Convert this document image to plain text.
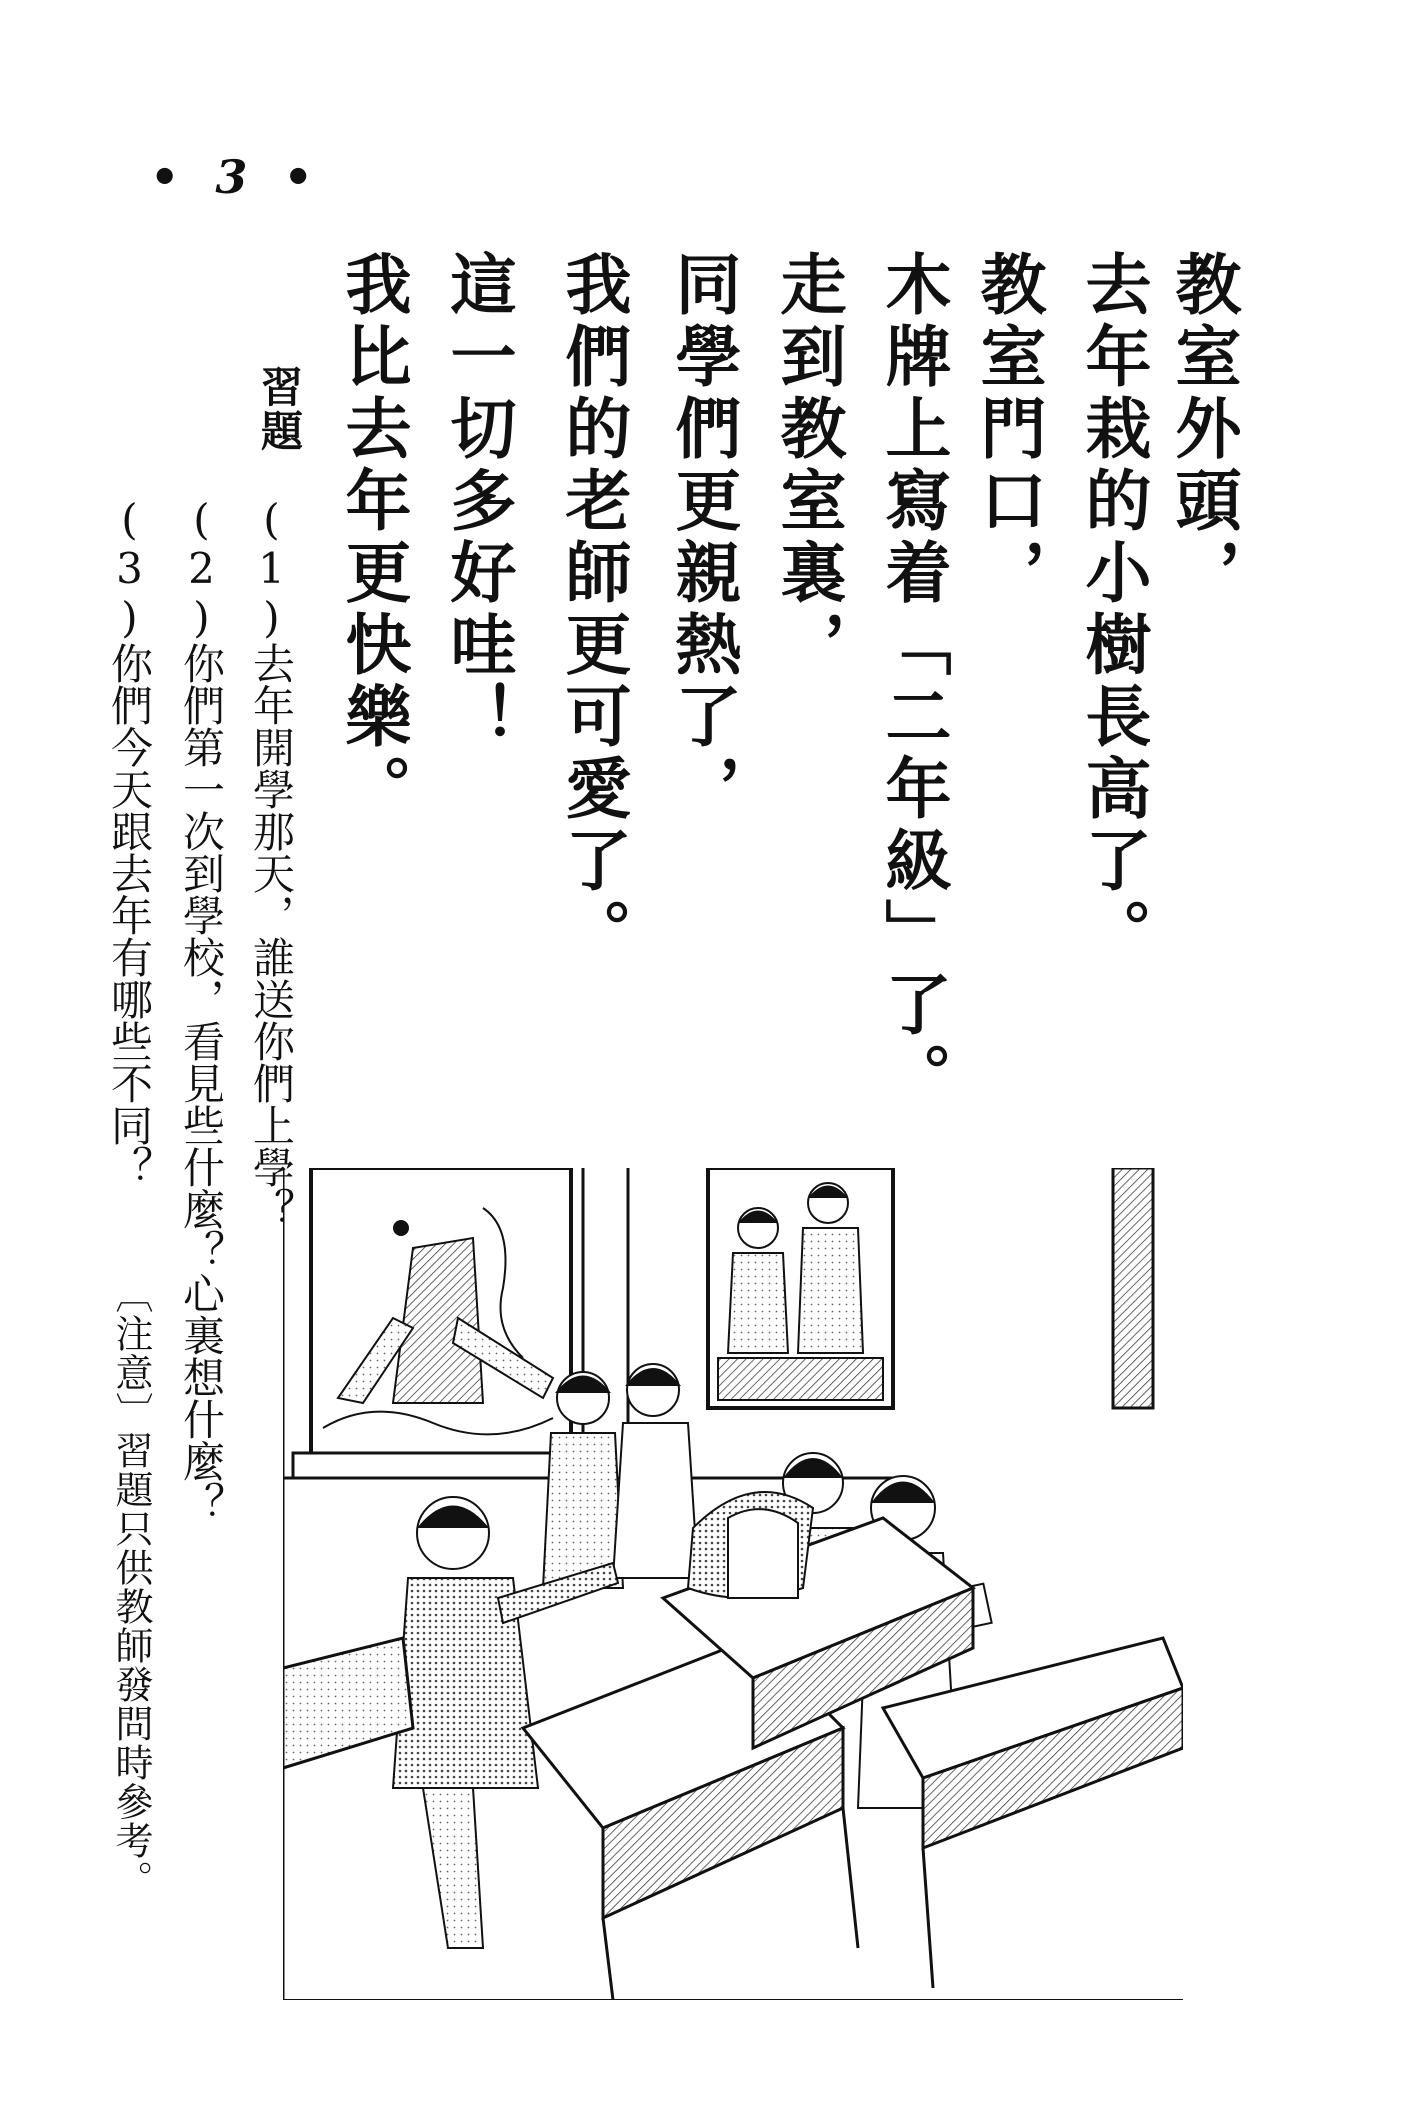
• 3 •
教室外頭，
去年栽的小樹長高了。
教室門口，
木牌上寫着「二年級」了。
走到教室裏，
同學們更親熱了，
我們的老師更可愛了。
這一切多好哇！
我比去年更快樂。
習題
(1)去年開學那天，誰送你們上學？
(2)你們第一次到學校，看見些什麼？心裏想什麼？
(3)你們今天跟去年有哪些不同？
〔注意〕習題只供教師發問時參考。
